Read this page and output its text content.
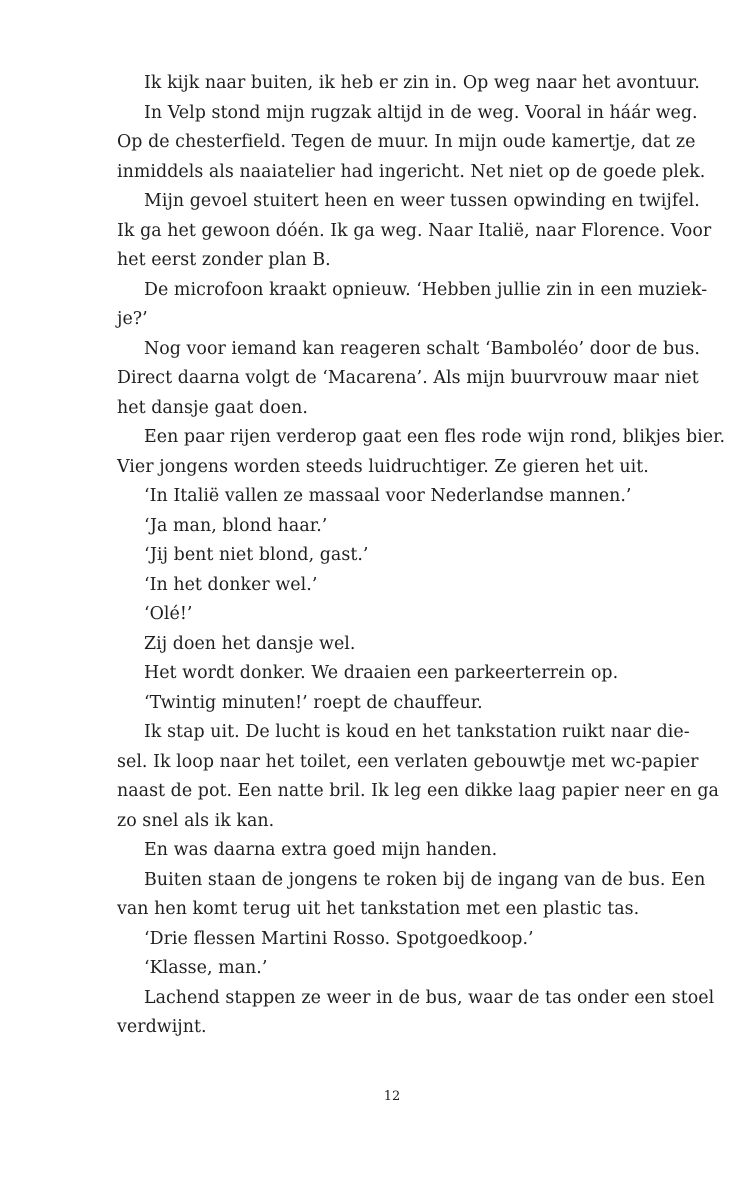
Ik kijk naar buiten, ik heb er zin in. Op weg naar het avontuur.
In Velp stond mijn rugzak altijd in de weg. Vooral in háár weg.
Op de chesterfield. Tegen de muur. In mijn oude kamertje, dat ze
inmiddels als naaiatelier had ingericht. Net niet op de goede plek.
Mijn gevoel stuitert heen en weer tussen opwinding en twijfel.
Ik ga het gewoon dóén. Ik ga weg. Naar Italië, naar Florence. Voor
het eerst zonder plan B.
De microfoon kraakt opnieuw. ‘Hebben jullie zin in een muziek-
je?’
Nog voor iemand kan reageren schalt ‘Bamboléo’ door de bus.
Direct daarna volgt de ‘Macarena’. Als mijn buurvrouw maar niet
het dansje gaat doen.
Een paar rijen verderop gaat een fles rode wijn rond, blikjes bier.
Vier jongens worden steeds luidruchtiger. Ze gieren het uit.
‘In Italië vallen ze massaal voor Nederlandse mannen.’
‘Ja man, blond haar.’
‘Jij bent niet blond, gast.’
‘In het donker wel.’
‘Olé!’
Zij doen het dansje wel.
Het wordt donker. We draaien een parkeerterrein op.
‘Twintig minuten!’ roept de chauffeur.
Ik stap uit. De lucht is koud en het tankstation ruikt naar die-
sel. Ik loop naar het toilet, een verlaten gebouwtje met wc-papier
naast de pot. Een natte bril. Ik leg een dikke laag papier neer en ga
zo snel als ik kan.
En was daarna extra goed mijn handen.
Buiten staan de jongens te roken bij de ingang van de bus. Een
van hen komt terug uit het tankstation met een plastic tas.
‘Drie flessen Martini Rosso. Spotgoedkoop.’
‘Klasse, man.’
Lachend stappen ze weer in de bus, waar de tas onder een stoel
verdwijnt.
12
